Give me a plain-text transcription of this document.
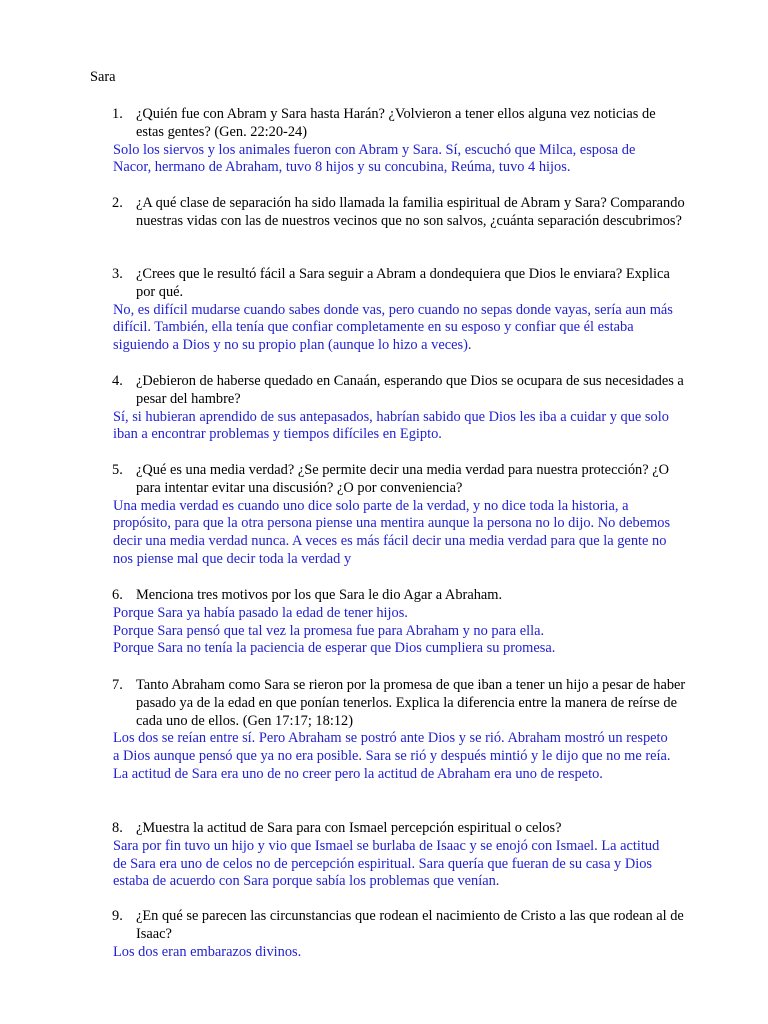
Sara

1. ¿Quién fue con Abram y Sara hasta Harán? ¿Volvieron a tener ellos alguna vez noticias de estas gentes? (Gen. 22:20-24)

Solo los siervos y los animales fueron con Abram y Sara. Sí, escuchó que Milca, esposa de Nacor, hermano de Abraham, tuvo 8 hijos y su concubina, Reúma, tuvo 4 hijos.

2. ¿A qué clase de separación ha sido llamada la familia espiritual de Abram y Sara? Comparando nuestras vidas con las de nuestros vecinos que no son salvos, ¿cuánta separación descubrimos?
3. ¿Crees que le resultó fácil a Sara seguir a Abram a dondequiera que Dios le enviara? Explica por qué.

No, es difícil mudarse cuando sabes donde vas, pero cuando no sepas donde vayas, sería aun más difícil. También, ella tenía que confiar completamente en su esposo y confiar que él estaba siguiendo a Dios y no su propio plan (aunque lo hizo a veces).

4. ¿Debieron de haberse quedado en Canaán, esperando que Dios se ocupara de sus necesidades a pesar del hambre?

Sí, si hubieran aprendido de sus antepasados, habrían sabido que Dios les iba a cuidar y que solo iban a encontrar problemas y tiempos difíciles en Egipto.

5. ¿Qué es una media verdad? ¿Se permite decir una media verdad para nuestra protección? ¿O para intentar evitar una discusión? ¿O por conveniencia?

Una media verdad es cuando uno dice solo parte de la verdad, y no dice toda la historia, a propósito, para que la otra persona piense una mentira aunque la persona no lo dijo. No debemos decir una media verdad nunca. A veces es más fácil decir una media verdad para que la gente no nos piense mal que decir toda la verdad y

6. Menciona tres motivos por los que Sara le dio Agar a Abraham.

Porque Sara ya había pasado la edad de tener hijos.

Porque Sara pensó que tal vez la promesa fue para Abraham y no para ella.

Porque Sara no tenía la paciencia de esperar que Dios cumpliera su promesa.

7. Tanto Abraham como Sara se rieron por la promesa de que iban a tener un hijo a pesar de haber pasado ya de la edad en que ponían tenerlos. Explica la diferencia entre la manera de reírse de cada uno de ellos. (Gen 17:17; 18:12)

Los dos se reían entre sí. Pero Abraham se postró ante Dios y se rió. Abraham mostró un respeto a Dios aunque pensó que ya no era posible. Sara se rió y después mintió y le dijo que no me reía. La actitud de Sara era uno de no creer pero la actitud de Abraham era uno de respeto.

8. ¿Muestra la actitud de Sara para con Ismael percepción espiritual o celos?

Sara por fin tuvo un hijo y vio que Ismael se burlaba de Isaac y se enojó con Ismael. La actitud de Sara era uno de celos no de percepción espiritual. Sara quería que fueran de su casa y Dios estaba de acuerdo con Sara porque sabía los problemas que venían.

9. ¿En qué se parecen las circunstancias que rodean el nacimiento de Cristo a las que rodean al de Isaac?

Los dos eran embarazos divinos.
